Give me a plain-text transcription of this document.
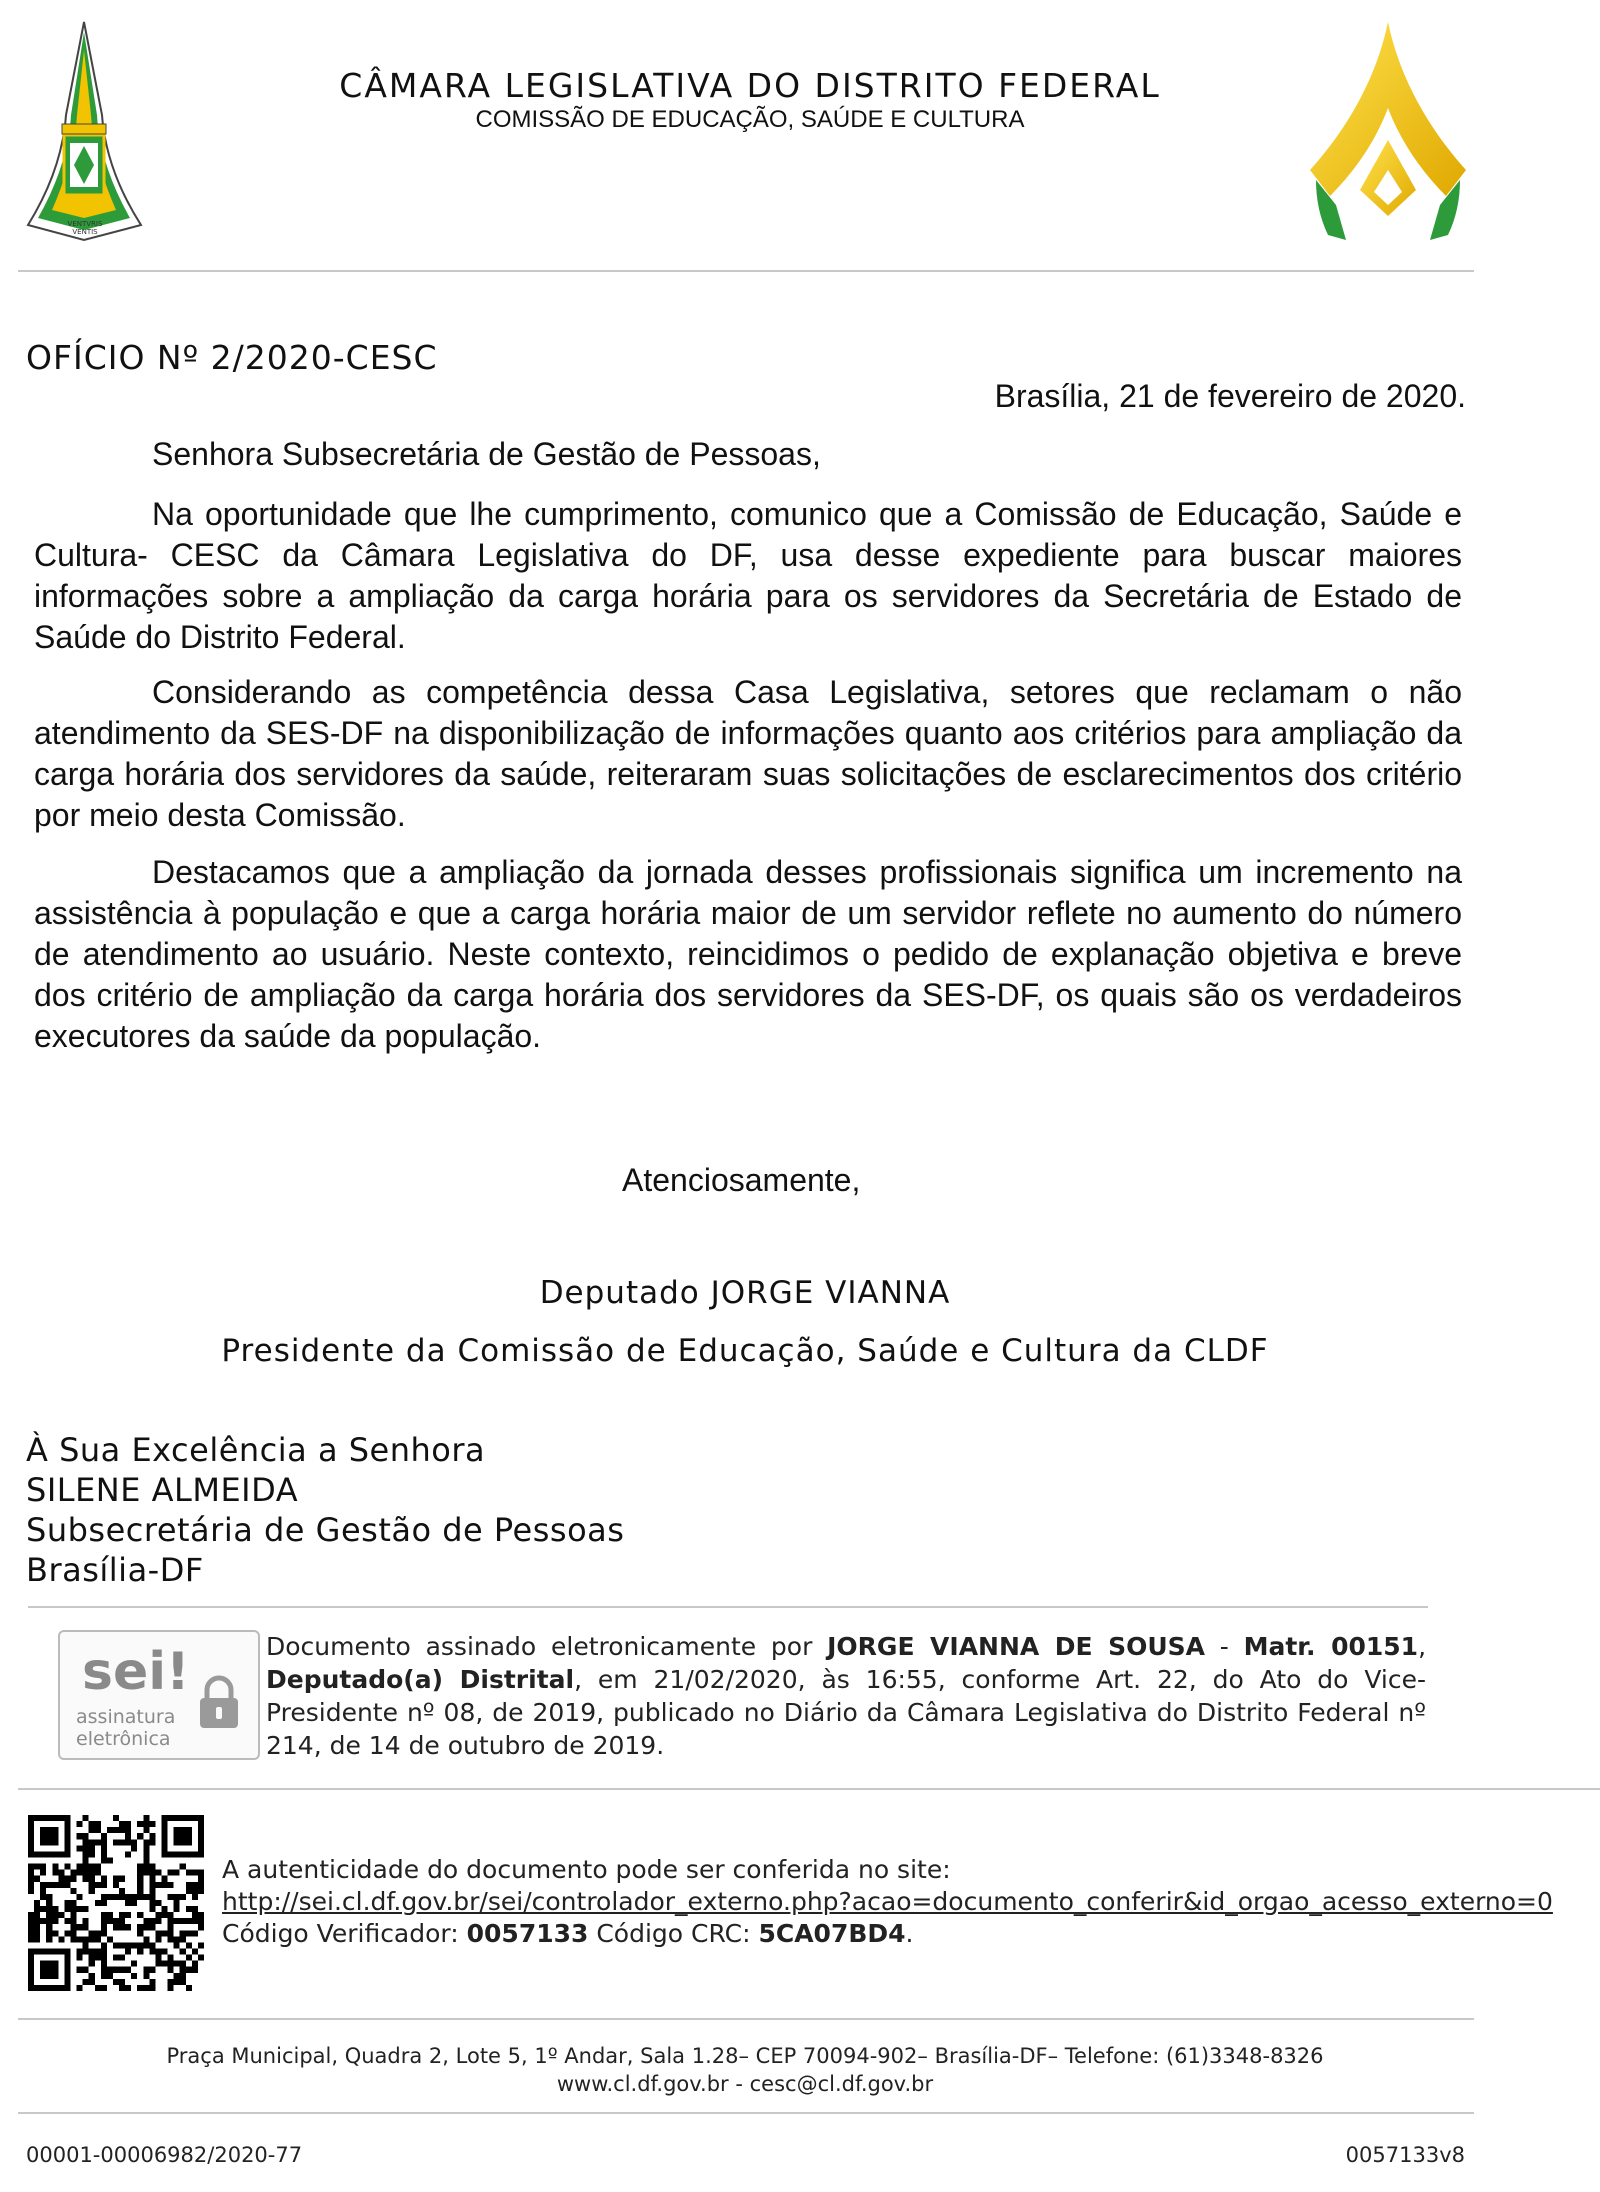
VENTVRIS VENTIS
CÂMARA LEGISLATIVA DO DISTRITO FEDERAL
COMISSÃO DE EDUCAÇÃO, SAÚDE E CULTURA
OFÍCIO Nº 2/2020-CESC
Brasília, 21 de fevereiro de 2020.
Senhora Subsecretária de Gestão de Pessoas,

Na oportunidade que lhe cumprimento, comunico que a Comissão de Educação, Saúde e Cultura- CESC da Câmara Legislativa do DF, usa desse expediente para buscar maiores informações sobre a ampliação da carga horária para os servidores da Secretária de Estado de Saúde do Distrito Federal.

Considerando as competência dessa Casa Legislativa, setores que reclamam o não atendimento da SES-DF na disponibilização de informações quanto aos critérios para ampliação da carga horária dos servidores da saúde, reiteraram suas solicitações de esclarecimentos dos critério por meio desta Comissão.

Destacamos que a ampliação da jornada desses profissionais significa um incremento na assistência à população e que a carga horária maior de um servidor reflete no aumento do número de atendimento ao usuário. Neste contexto, reincidimos o pedido de explanação objetiva e breve dos critério de ampliação da carga horária dos servidores da SES-DF, os quais são os verdadeiros executores da saúde da população.

Atenciosamente,
Deputado JORGE VIANNA
Presidente da Comissão de Educação, Saúde e Cultura da CLDF
À Sua Excelência a Senhora
SILENE ALMEIDA
Subsecretária de Gestão de Pessoas
Brasília-DF
sei!
assinatura
eletrônica
Documento assinado eletronicamente por JORGE VIANNA DE SOUSA - Matr. 00151, Deputado(a) Distrital, em 21/02/2020, às 16:55, conforme Art. 22, do Ato do Vice-Presidente nº 08, de 2019, publicado no Diário da Câmara Legislativa do Distrito Federal nº 214, de 14 de outubro de 2019.
A autenticidade do documento pode ser conferida no site:
http://sei.cl.df.gov.br/sei/controlador_externo.php?acao=documento_conferir&id_orgao_acesso_externo=0
Código Verificador: 0057133 Código CRC: 5CA07BD4.
Praça Municipal, Quadra 2, Lote 5, 1º Andar, Sala 1.28– CEP 70094-902– Brasília-DF– Telefone: (61)3348-8326
www.cl.df.gov.br - cesc@cl.df.gov.br
00001-00006982/2020-77	0057133v8
